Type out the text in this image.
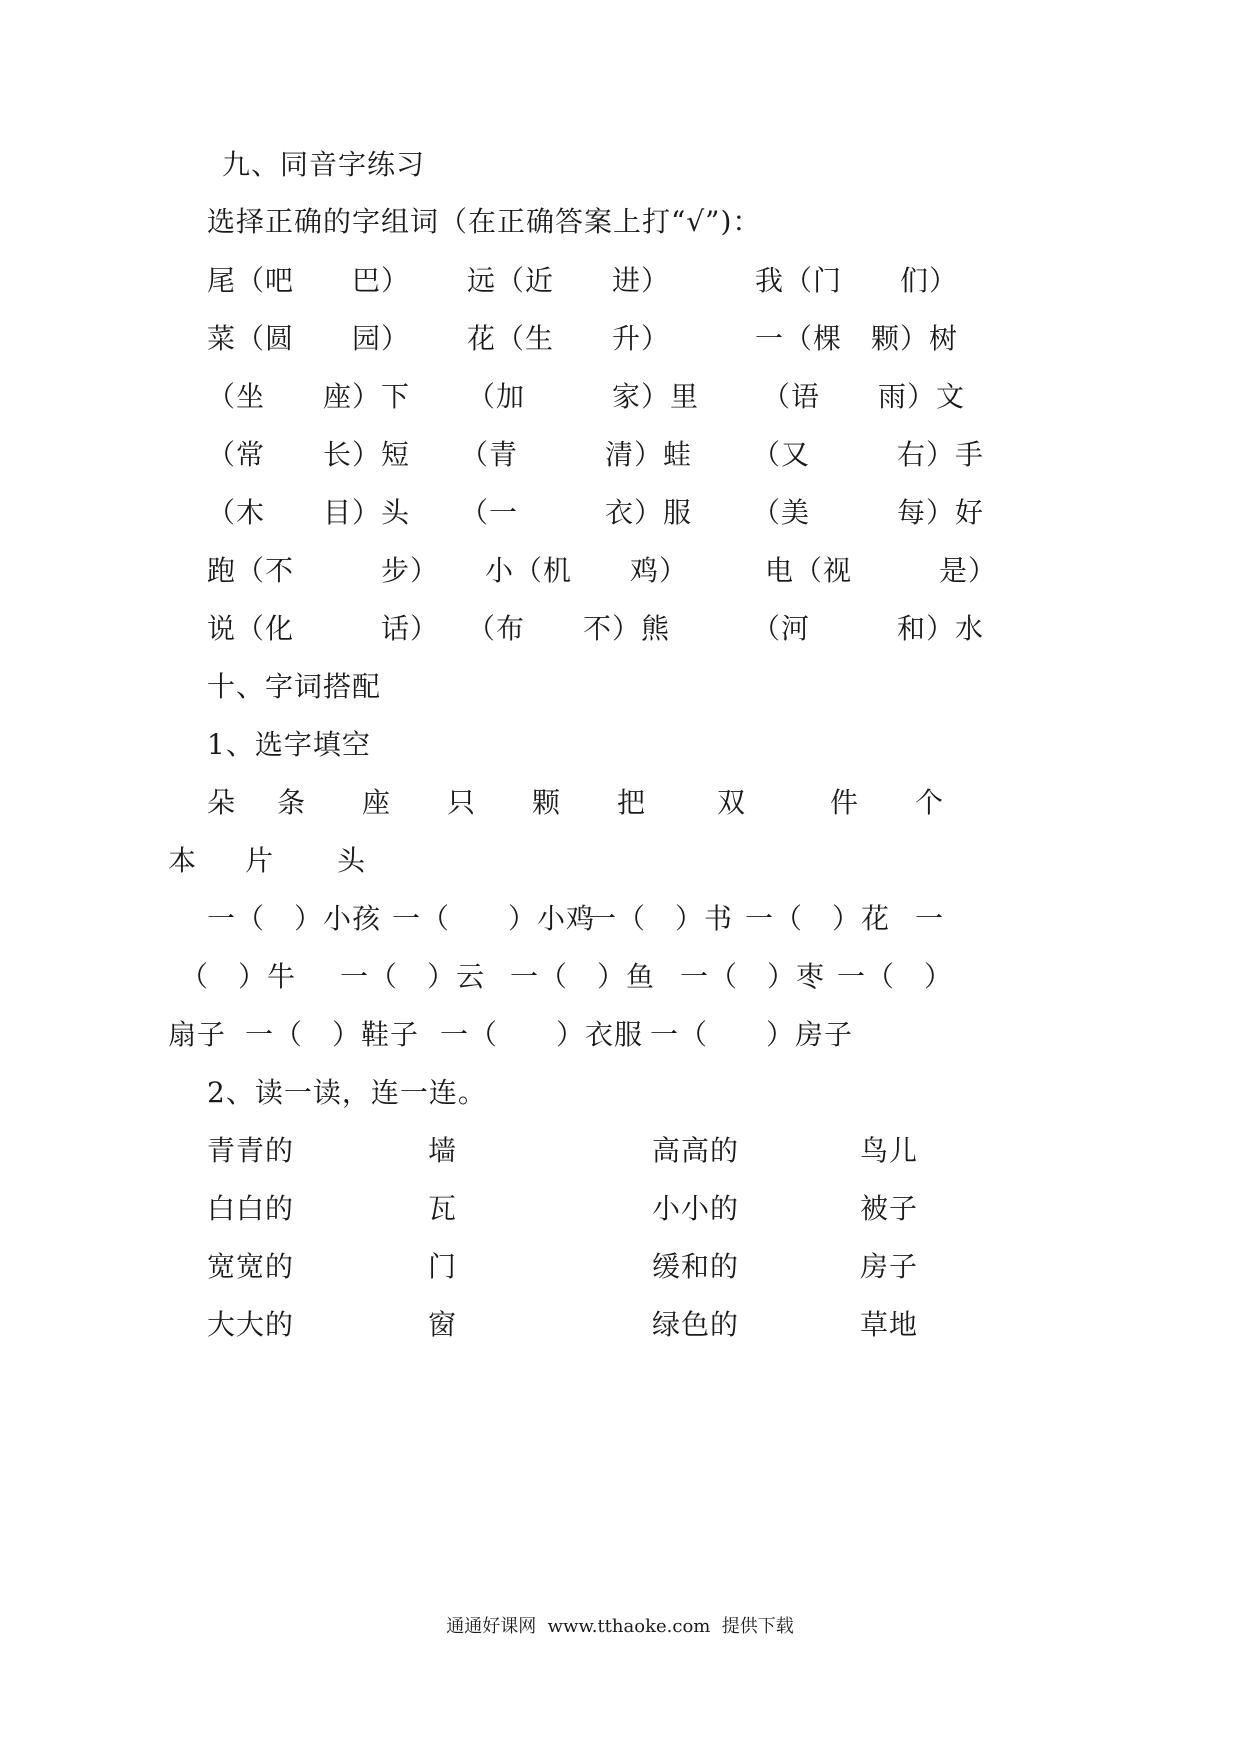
九、同音字练习
选择正确的字组词（在正确答案上打“√”)：
尾（吧　　巴） 远（近　　进）	我（门　　们）
菜（圆　　园） 花（生　　升）	一（棵　颗）树
（坐　　座）下 （加　　　家）里 （语　　雨）文
（常　　长）短 （青　　　清）蛙 （又　　　右）手
（木　　目）头 （一　　　衣）服 （美　　　每）好
跑（不　　　步） 小（机　　鸡）	电（视　　　是）
说（化　　　话） （布　　不）熊	（河　　　和）水
十、字词搭配
1、选字填空
朵 条 座 只 颗 把	双	件 个
本 片 头
一（　）小孩 一（　　）小鸡
一（　）书 一（　）花 一
（　）牛 一（　）云 一（　）鱼 一（　）枣 一（　）
扇子 一（　）鞋子 一（　　）衣服 一（　　）房子
2、读一读，连一连。
青青的	墙	高高的	鸟儿
白白的	瓦	小小的	被子
宽宽的	门	缓和的	房子
大大的	窗	绿色的	草地
通通好课网  www.tthaoke.com  提供下载
